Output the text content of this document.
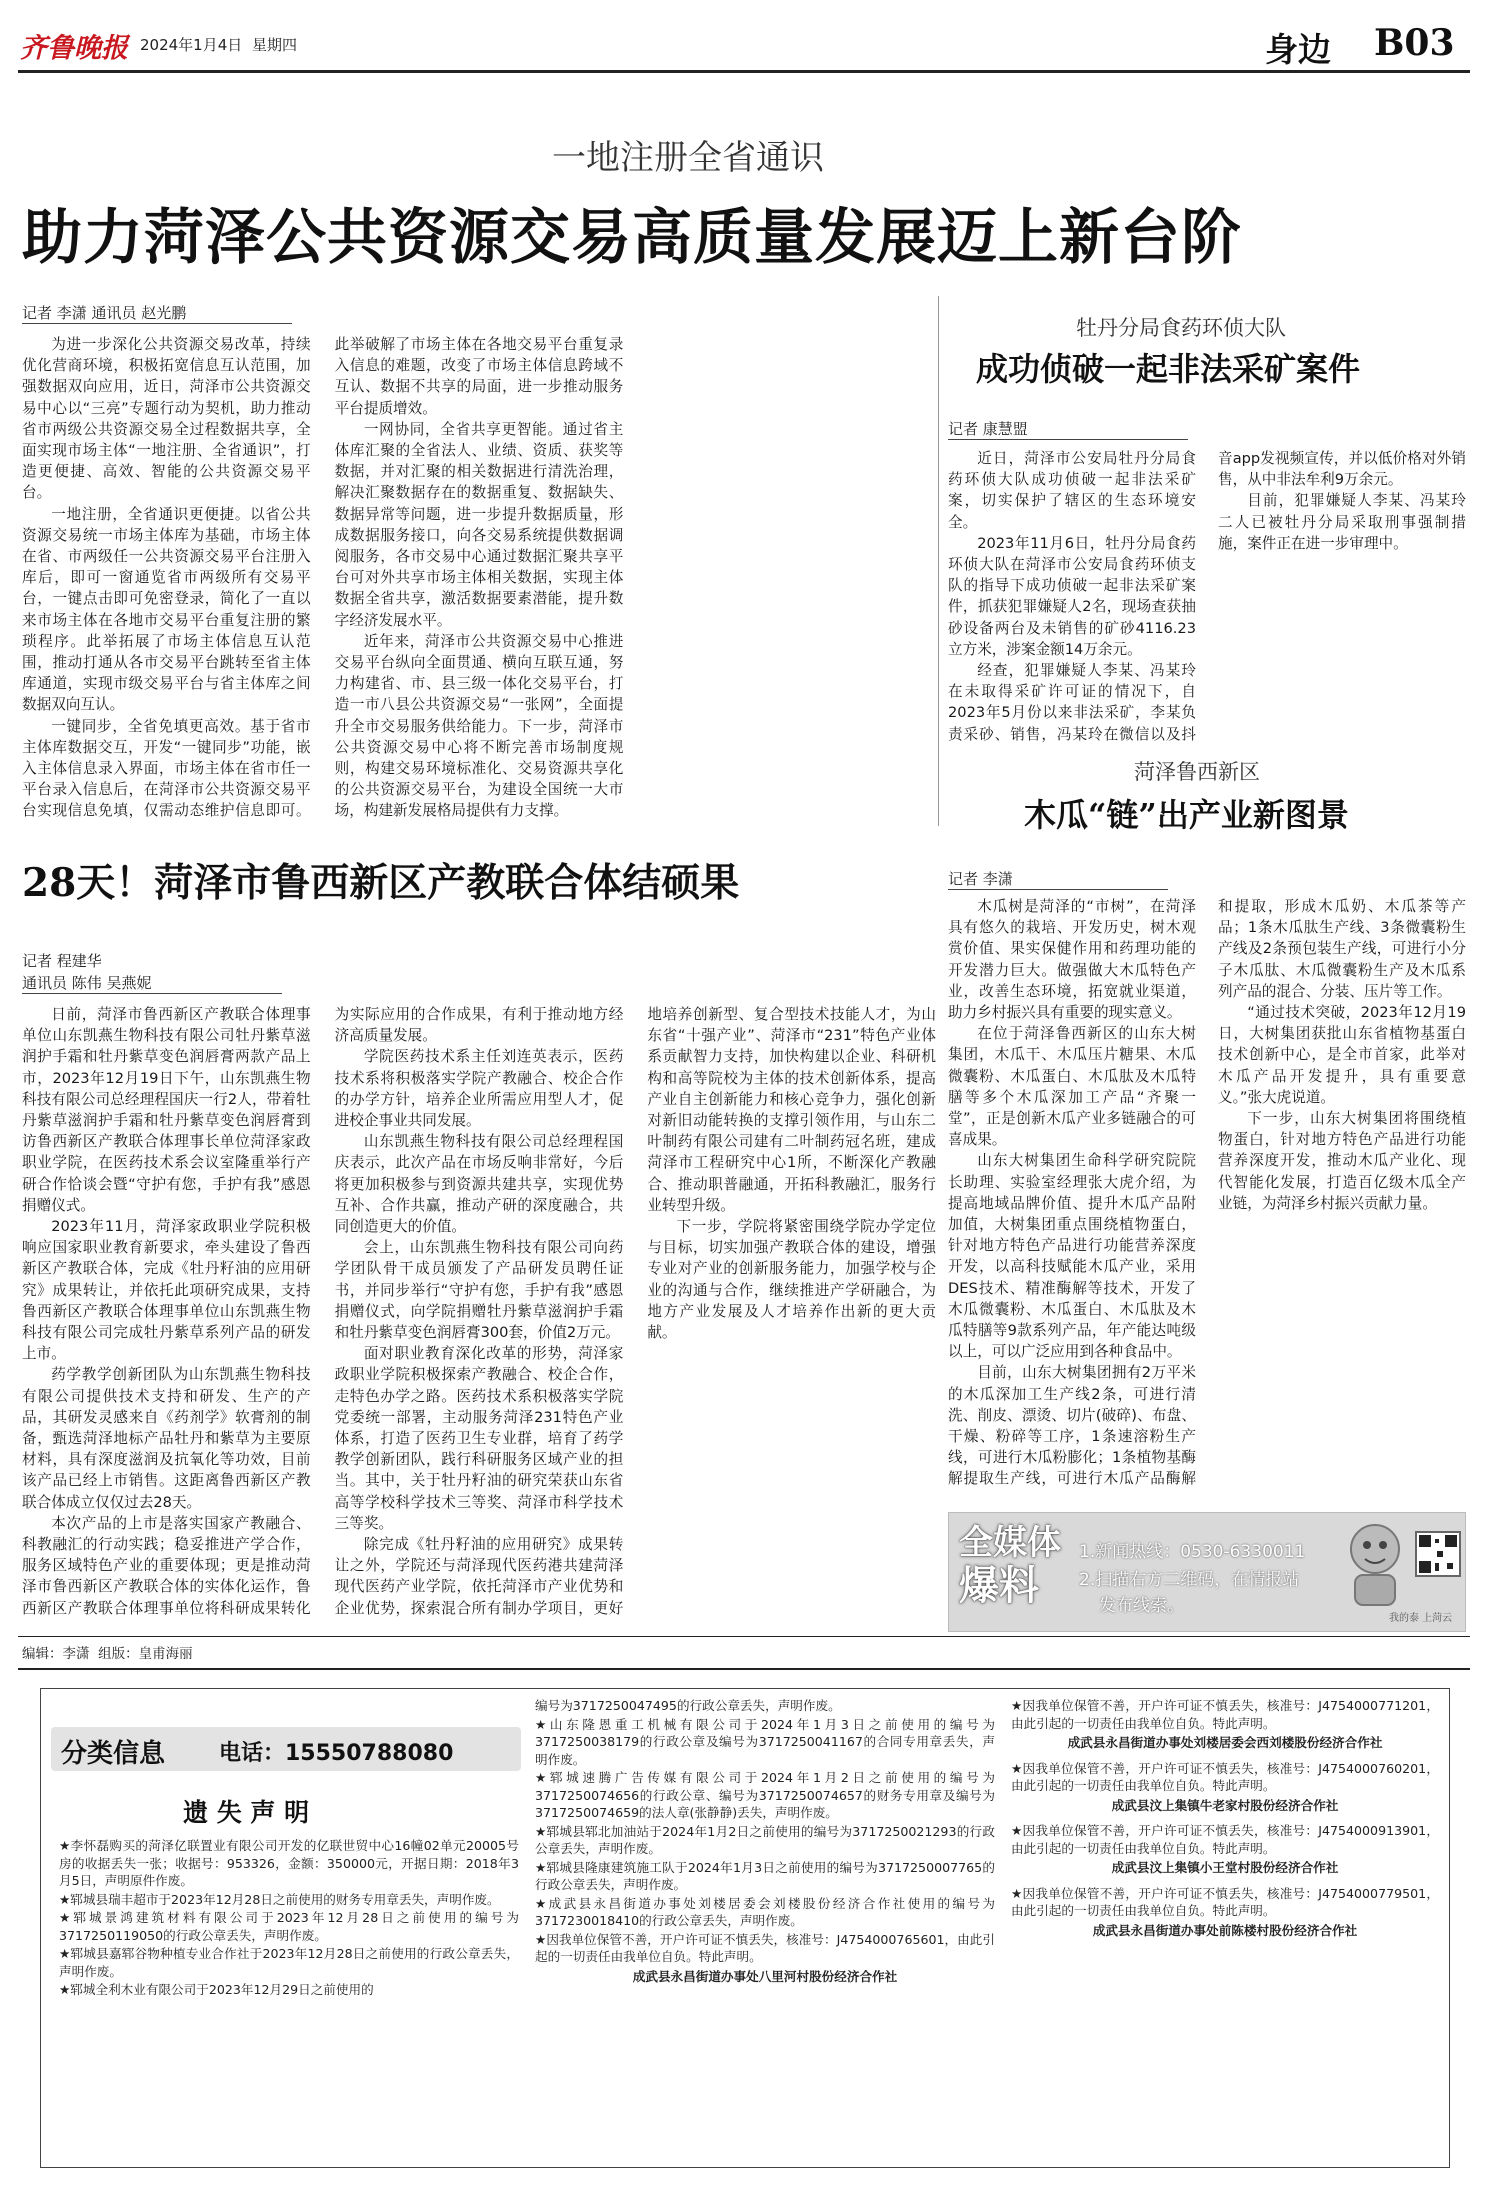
齐鲁晚报 2024年1月4日 星期四	身边 B03
一地注册全省通识
助力菏泽公共资源交易高质量发展迈上新台阶
记者 李潇 通讯员 赵光鹏

为进一步深化公共资源交易改革，持续优化营商环境，积极拓宽信息互认范围，加强数据双向应用，近日，菏泽市公共资源交易中心以“三亮”专题行动为契机，助力推动省市两级公共资源交易全过程数据共享，全面实现市场主体“一地注册、全省通识”，打造更便捷、高效、智能的公共资源交易平台。

一地注册，全省通识更便捷。以省公共资源交易统一市场主体库为基础，市场主体在省、市两级任一公共资源交易平台注册入库后，即可一窗通览省市两级所有交易平台，一键点击即可免密登录，简化了一直以来市场主体在各地市交易平台重复注册的繁琐程序。此举拓展了市场主体信息互认范围，推动打通从各市交易平台跳转至省主体库通道，实现市级交易平台与省主体库之间数据双向互认。

一键同步，全省免填更高效。基于省市主体库数据交互，开发“一键同步”功能，嵌入主体信息录入界面，市场主体在省市任一平台录入信息后，在菏泽市公共资源交易平台实现信息免填，仅需动态维护信息即可。此举破解了市场主体在各地交易平台重复录入信息的难题，改变了市场主体信息跨域不互认、数据不共享的局面，进一步推动服务平台提质增效。

一网协同，全省共享更智能。通过省主体库汇聚的全省法人、业绩、资质、获奖等数据，并对汇聚的相关数据进行清洗治理，解决汇聚数据存在的数据重复、数据缺失、数据异常等问题，进一步提升数据质量，形成数据服务接口，向各交易系统提供数据调阅服务，各市交易中心通过数据汇聚共享平台可对外共享市场主体相关数据，实现主体数据全省共享，激活数据要素潜能，提升数字经济发展水平。

近年来，菏泽市公共资源交易中心推进交易平台纵向全面贯通、横向互联互通，努力构建省、市、县三级一体化交易平台，打造一市八县公共资源交易“一张网”，全面提升全市交易服务供给能力。下一步，菏泽市公共资源交易中心将不断完善市场制度规则，构建交易环境标准化、交易资源共享化的公共资源交易平台，为建设全国统一大市场，构建新发展格局提供有力支撑。

牡丹分局食药环侦大队
成功侦破一起非法采矿案件
记者 康慧盟

近日，菏泽市公安局牡丹分局食药环侦大队成功侦破一起非法采矿案，切实保护了辖区的生态环境安全。

2023年11月6日，牡丹分局食药环侦大队在菏泽市公安局食药环侦支队的指导下成功侦破一起非法采矿案件，抓获犯罪嫌疑人2名，现场查获抽砂设备两台及未销售的矿砂4116.23立方米，涉案金额14万余元。

经查，犯罪嫌疑人李某、冯某玲在未取得采矿许可证的情况下，自2023年5月份以来非法采矿，李某负责采砂、销售，冯某玲在微信以及抖音app发视频宣传，并以低价格对外销售，从中非法牟利9万余元。

目前，犯罪嫌疑人李某、冯某玲二人已被牡丹分局采取刑事强制措施，案件正在进一步审理中。

菏泽鲁西新区
木瓜“链”出产业新图景
记者 李潇

木瓜树是菏泽的“市树”，在菏泽具有悠久的栽培、开发历史，树木观赏价值、果实保健作用和药理功能的开发潜力巨大。做强做大木瓜特色产业，改善生态环境，拓宽就业渠道，助力乡村振兴具有重要的现实意义。

在位于菏泽鲁西新区的山东大树集团，木瓜干、木瓜压片糖果、木瓜微囊粉、木瓜蛋白、木瓜肽及木瓜特膳等多个木瓜深加工产品“齐聚一堂”，正是创新木瓜产业多链融合的可喜成果。

山东大树集团生命科学研究院院长助理、实验室经理张大虎介绍，为提高地域品牌价值、提升木瓜产品附加值，大树集团重点围绕植物蛋白，针对地方特色产品进行功能营养深度开发，以高科技赋能木瓜产业，采用DES技术、精准酶解等技术，开发了木瓜微囊粉、木瓜蛋白、木瓜肽及木瓜特膳等9款系列产品，年产能达吨级以上，可以广泛应用到各种食品中。

目前，山东大树集团拥有2万平米的木瓜深加工生产线2条，可进行清洗、削皮、漂烫、切片(破碎)、布盘、干燥、粉碎等工序，1条速溶粉生产线，可进行木瓜粉膨化；1条植物基酶解提取生产线，可进行木瓜产品酶解和提取，形成木瓜奶、木瓜茶等产品；1条木瓜肽生产线、3条微囊粉生产线及2条预包装生产线，可进行小分子木瓜肽、木瓜微囊粉生产及木瓜系列产品的混合、分装、压片等工作。

“通过技术突破，2023年12月19日，大树集团获批山东省植物基蛋白技术创新中心，是全市首家，此举对木瓜产品开发提升，具有重要意义。”张大虎说道。

下一步，山东大树集团将围绕植物蛋白，针对地方特色产品进行功能营养深度开发，推动木瓜产业化、现代智能化发展，打造百亿级木瓜全产业链，为菏泽乡村振兴贡献力量。

28天！菏泽市鲁西新区产教联合体结硕果
记者 程建华
通讯员 陈伟 吴燕妮

日前，菏泽市鲁西新区产教联合体理事单位山东凯燕生物科技有限公司牡丹紫草滋润护手霜和牡丹紫草变色润唇膏两款产品上市，2023年12月19日下午，山东凯燕生物科技有限公司总经理程国庆一行2人，带着牡丹紫草滋润护手霜和牡丹紫草变色润唇膏到访鲁西新区产教联合体理事长单位菏泽家政职业学院，在医药技术系会议室隆重举行产研合作恰谈会暨“守护有您，手护有我”感恩捐赠仪式。

2023年11月，菏泽家政职业学院积极响应国家职业教育新要求，牵头建设了鲁西新区产教联合体，完成《牡丹籽油的应用研究》成果转让，并依托此项研究成果，支持鲁西新区产教联合体理事单位山东凯燕生物科技有限公司完成牡丹紫草系列产品的研发上市。

药学教学创新团队为山东凯燕生物科技有限公司提供技术支持和研发、生产的产品，其研发灵感来自《药剂学》软膏剂的制备，甄选菏泽地标产品牡丹和紫草为主要原材料，具有深度滋润及抗氧化等功效，目前该产品已经上市销售。这距离鲁西新区产教联合体成立仅仅过去28天。

本次产品的上市是落实国家产教融合、科教融汇的行动实践；稳妥推进产学合作，服务区域特色产业的重要体现；更是推动菏泽市鲁西新区产教联合体的实体化运作，鲁西新区产教联合体理事单位将科研成果转化为实际应用的合作成果，有利于推动地方经济高质量发展。

学院医药技术系主任刘连英表示，医药技术系将积极落实学院产教融合、校企合作的办学方针，培养企业所需应用型人才，促进校企事业共同发展。

山东凯燕生物科技有限公司总经理程国庆表示，此次产品在市场反响非常好，今后将更加积极参与到资源共建共享，实现优势互补、合作共赢，推动产研的深度融合，共同创造更大的价值。

会上，山东凯燕生物科技有限公司向药学团队骨干成员颁发了产品研发员聘任证书，并同步举行“守护有您，手护有我”感恩捐赠仪式，向学院捐赠牡丹紫草滋润护手霜和牡丹紫草变色润唇膏300套，价值2万元。

面对职业教育深化改革的形势，菏泽家政职业学院积极探索产教融合、校企合作，走特色办学之路。医药技术系积极落实学院党委统一部署，主动服务菏泽231特色产业体系，打造了医药卫生专业群，培育了药学教学创新团队，践行科研服务区域产业的担当。其中，关于牡丹籽油的研究荣获山东省高等学校科学技术三等奖、菏泽市科学技术三等奖。

除完成《牡丹籽油的应用研究》成果转让之外，学院还与菏泽现代医药港共建菏泽现代医药产业学院，依托菏泽市产业优势和企业优势，探索混合所有制办学项目，更好地培养创新型、复合型技术技能人才，为山东省“十强产业”、菏泽市“231”特色产业体系贡献智力支持，加快构建以企业、科研机构和高等院校为主体的技术创新体系，提高产业自主创新能力和核心竞争力，强化创新对新旧动能转换的支撑引领作用，与山东二叶制药有限公司建有二叶制药冠名班，建成菏泽市工程研究中心1所，不断深化产教融合、推动职普融通，开拓科教融汇，服务行业转型升级。

下一步，学院将紧密围绕学院办学定位与目标，切实加强产教联合体的建设，增强专业对产业的创新服务能力，加强学校与企业的沟通与合作，继续推进产学研融合，为地方产业发展及人才培养作出新的更大贡献。

全媒体
爆料
1.新闻热线：0530-6330011
2.扫描右方二维码，在情报站
发布线索。
我的泰 上菏云
编辑：李潇  组版：皇甫海丽
分类信息 电话：15550788080
遗 失 声 明
★李怀磊购买的菏泽亿联置业有限公司开发的亿联世贸中心16幢02单元20005号房的收据丢失一张；收据号：953326，金额：350000元，开据日期：2018年3月5日，声明原件作废。
★郓城县瑞丰超市于2023年12月28日之前使用的财务专用章丢失，声明作废。
★郓城景鸿建筑材料有限公司于2023年12月28日之前使用的编号为3717250119050的行政公章丢失，声明作废。
★郓城县嘉郓谷物种植专业合作社于2023年12月28日之前使用的行政公章丢失，声明作废。
★郓城全利木业有限公司于2023年12月29日之前使用的
编号为3717250047495的行政公章丢失，声明作废。
★山东隆恩重工机械有限公司于2024年1月3日之前使用的编号为3717250038179的行政公章及编号为3717250041167的合同专用章丢失，声明作废。
★郓城速腾广告传媒有限公司于2024年1月2日之前使用的编号为3717250074656的行政公章、编号为3717250074657的财务专用章及编号为3717250074659的法人章(张静静)丢失，声明作废。
★郓城县郓北加油站于2024年1月2日之前使用的编号为3717250021293的行政公章丢失，声明作废。
★郓城县隆康建筑施工队于2024年1月3日之前使用的编号为3717250007765的行政公章丢失，声明作废。
★成武县永昌街道办事处刘楼居委会刘楼股份经济合作社使用的编号为3717230018410的行政公章丢失，声明作废。
★因我单位保管不善，开户许可证不慎丢失，核准号：J4754000765601，由此引起的一切责任由我单位自负。特此声明。
成武县永昌街道办事处八里河村股份经济合作社
★因我单位保管不善，开户许可证不慎丢失，核准号：J4754000771201，由此引起的一切责任由我单位自负。特此声明。
成武县永昌街道办事处刘楼居委会西刘楼股份经济合作社
★因我单位保管不善，开户许可证不慎丢失，核准号：J4754000760201，由此引起的一切责任由我单位自负。特此声明。
成武县汶上集镇牛老家村股份经济合作社
★因我单位保管不善，开户许可证不慎丢失，核准号：J4754000913901，由此引起的一切责任由我单位自负。特此声明。
成武县汶上集镇小王堂村股份经济合作社
★因我单位保管不善，开户许可证不慎丢失，核准号：J4754000779501，由此引起的一切责任由我单位自负。特此声明。
成武县永昌街道办事处前陈楼村股份经济合作社
